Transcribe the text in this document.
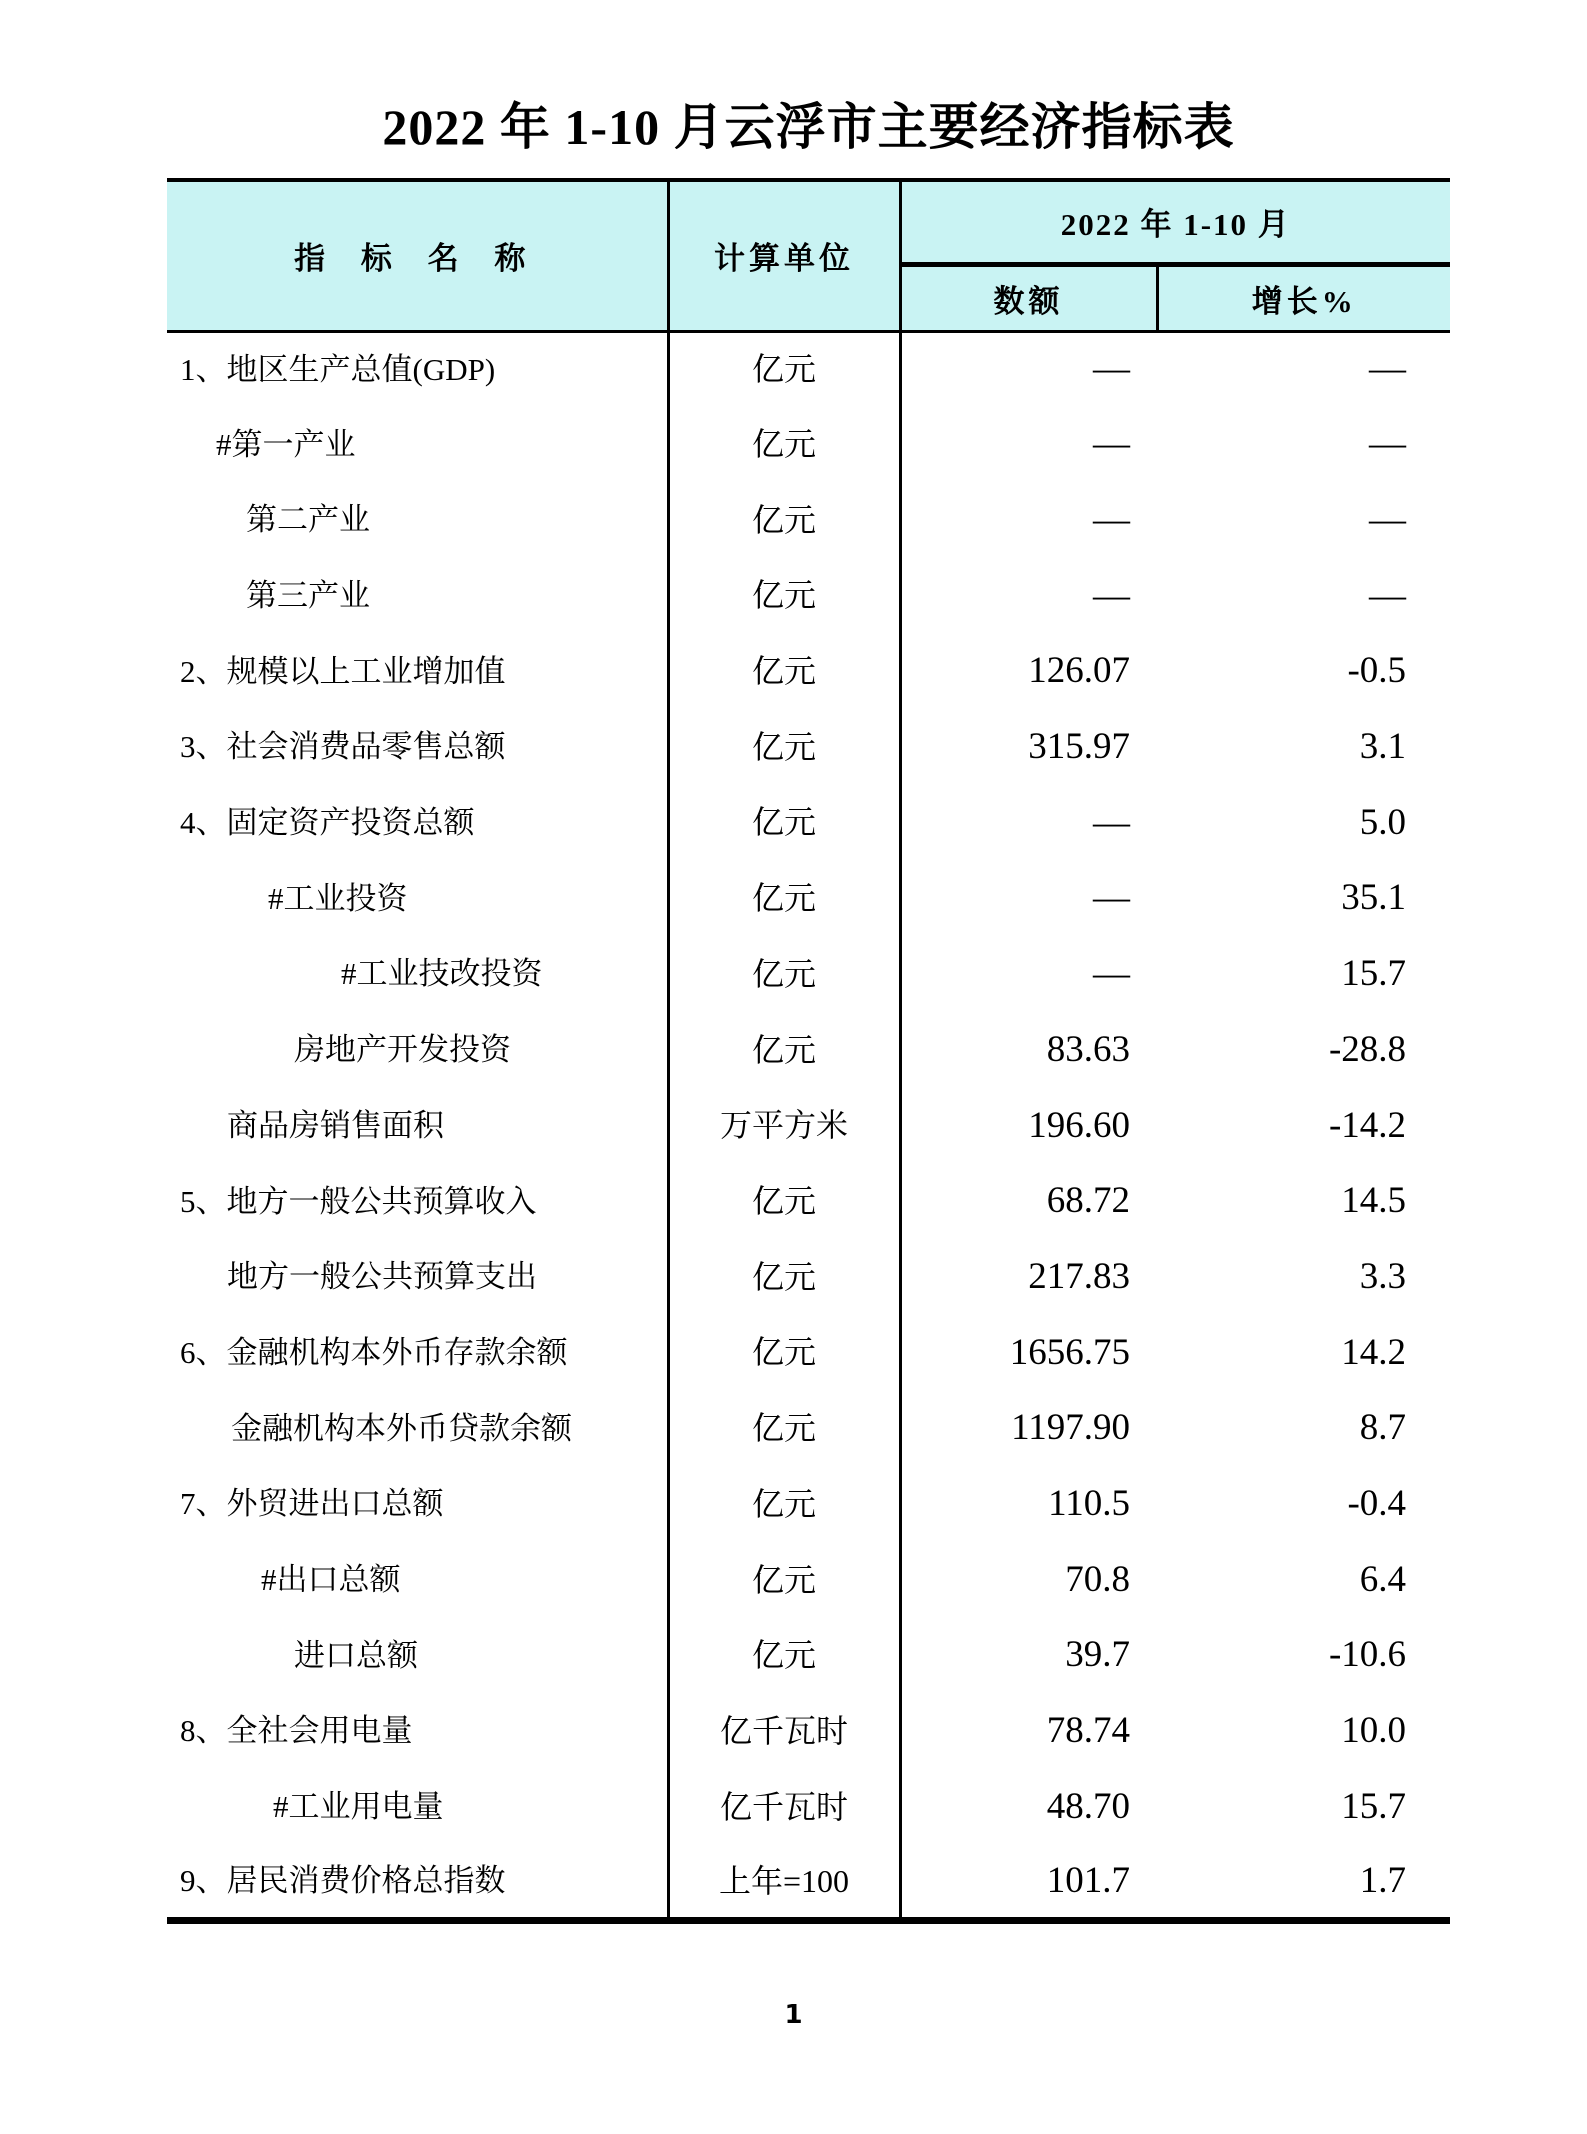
2022 年 1-10 月云浮市主要经济指标表
指 标 名 称	计算单位	2022 年 1-10 月	
		数额	增长%
1、地区生产总值(GDP)	亿元	—	—
#第一产业	亿元	—	—
第二产业	亿元	—	—
第三产业	亿元	—	—
2、规模以上工业增加值	亿元	126.07	-0.5
3、社会消费品零售总额	亿元	315.97	3.1
4、固定资产投资总额	亿元	—	5.0
#工业投资	亿元	—	35.1
#工业技改投资	亿元	—	15.7
房地产开发投资	亿元	83.63	-28.8
商品房销售面积	万平方米	196.60	-14.2
5、地方一般公共预算收入	亿元	68.72	14.5
地方一般公共预算支出	亿元	217.83	3.3
6、金融机构本外币存款余额	亿元	1656.75	14.2
金融机构本外币贷款余额	亿元	1197.90	8.7
7、外贸进出口总额	亿元	110.5	-0.4
#出口总额	亿元	70.8	6.4
进口总额	亿元	39.7	-10.6
8、全社会用电量	亿千瓦时	78.74	10.0
#工业用电量	亿千瓦时	48.70	15.7
9、居民消费价格总指数	上年=100	101.7	1.7
1
